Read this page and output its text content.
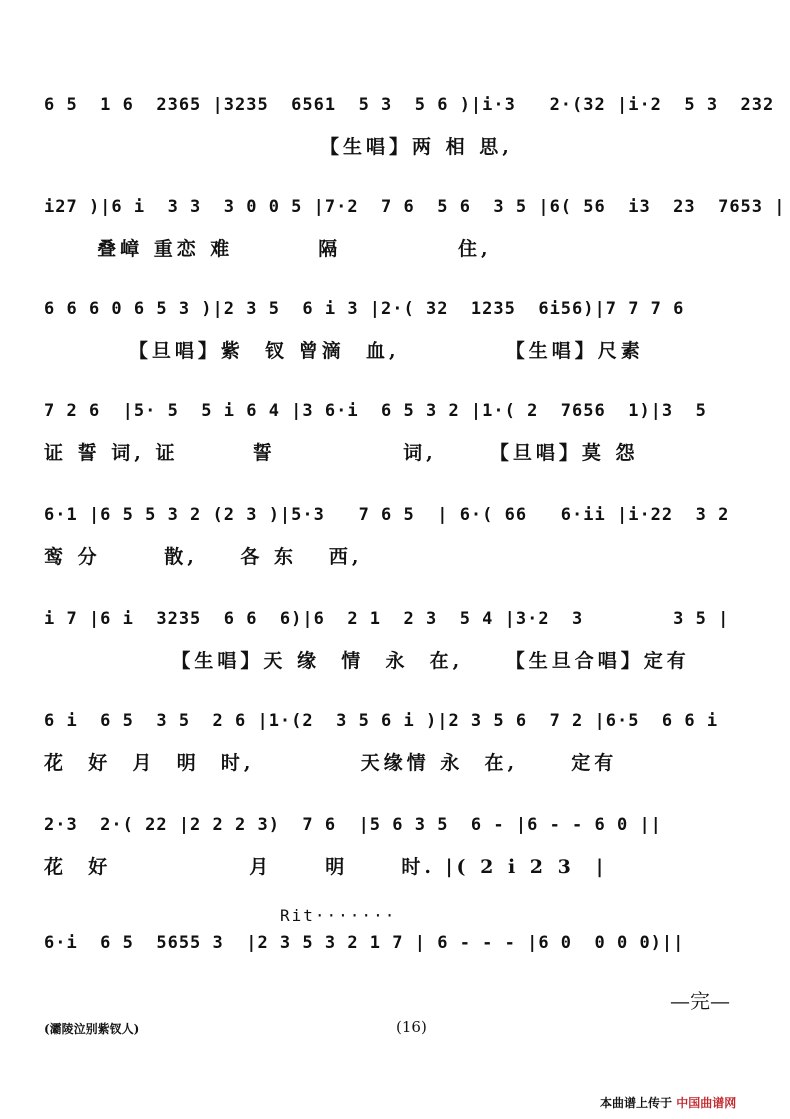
6 5  1 6  2365 |3235  6561  5 3  5 6 )|i·3   2·(32 |i·2  5 3  232
【生唱】两 相 思,
i27 )|6 i  3 3  3 0 0 5 |7·2  7 6  5 6  3 5 |6( 56  i3  23  7653 |
叠嶂 重恋 难        隔           住,
6 6 6 0 6 5 3 )|2 3 5  6 i 3 |2·( 32  1235  6i56)|7 7 7 6
【旦唱】紫  钗 曾滴  血,          【生唱】尺素
7 2 6  |5· 5  5 i 6 4 |3 6·i  6 5 3 2 |1·( 2  7656  1)|3  5
证 誓 词, 证       誓            词,     【旦唱】莫 怨
6·1 |6 5 5 3 2 (2 3 )|5·3   7 6 5  | 6·( 66   6·ii |i·22  3 2
鸾 分      散,    各 东   西,
i 7 |6 i  3235  6 6  6)|6  2 1  2 3  5 4 |3·2  3        3 5 |
【生唱】天 缘  情  永  在,    【生旦合唱】定有
6 i  6 5  3 5  2 6 |1·(2  3 5 6 i )|2 3 5 6  7 2 |6·5  6 6 i
花  好  月  明  时,          天缘情 永  在,     定有
2·3  2·( 22 |2 2 2 3)  7 6  |5 6 3 5  6 - |6 - - 6 0 ||
花  好             月     明     时. |( 2 i 2 3  |
Rit·······
6·i  6 5  5655 3  |2 3 5 3 2 1 7 | 6 - - - |6 0  0 0 0)||
—完—
(灞陵泣别紫钗人)	(16)
本曲谱上传于 中国曲谱网
